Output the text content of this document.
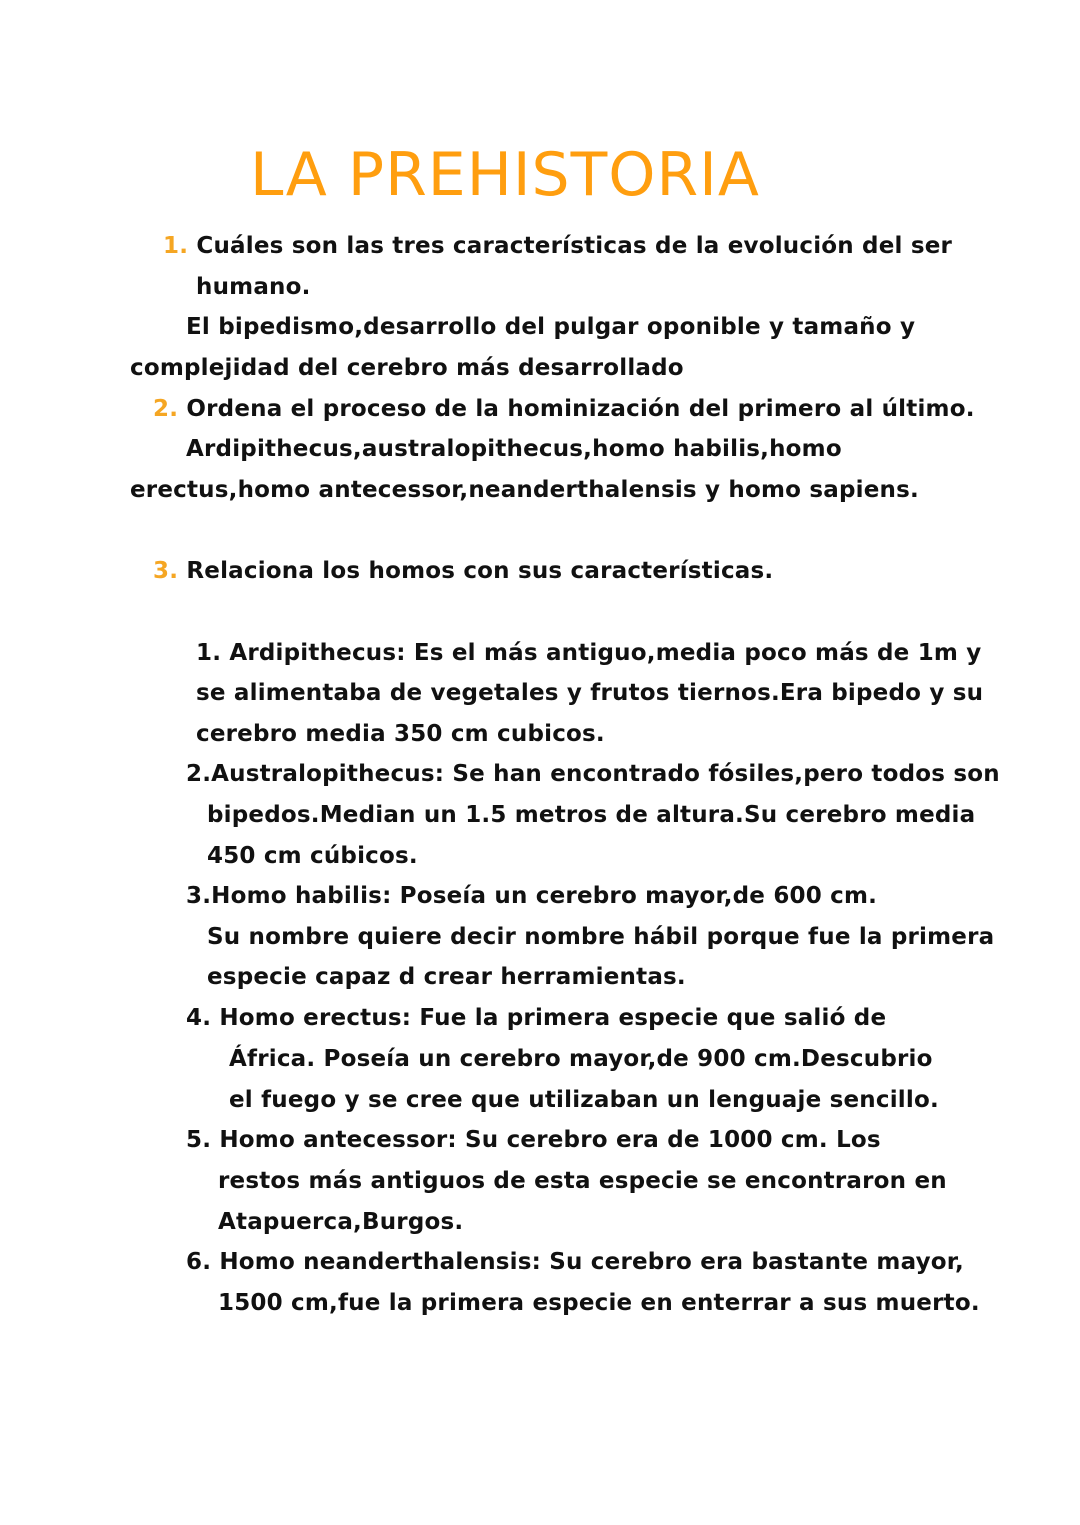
LA PREHISTORIA
1. Cuáles son las tres características de la evolución del ser
humano.
El bipedismo,desarrollo del pulgar oponible y tamaño y
complejidad del cerebro más desarrollado
2. Ordena el proceso de la hominización del primero al último.
Ardipithecus,australopithecus,homo habilis,homo
erectus,homo antecessor,neanderthalensis y homo sapiens.
3. Relaciona los homos con sus características.
1. Ardipithecus: Es el más antiguo,media poco más de 1m y
se alimentaba de vegetales y frutos tiernos.Era bipedo y su
cerebro media 350 cm cubicos.
2.Australopithecus: Se han encontrado fósiles,pero todos son
bipedos.Median un 1.5 metros de altura.Su cerebro media
450 cm cúbicos.
3.Homo habilis: Poseía un cerebro mayor,de 600 cm.
Su nombre quiere decir nombre hábil porque fue la primera
especie capaz d crear herramientas.
4. Homo erectus: Fue la primera especie que salió de
África. Poseía un cerebro mayor,de 900 cm.Descubrio
el fuego y se cree que utilizaban un lenguaje sencillo.
5. Homo antecessor: Su cerebro era de 1000 cm. Los
restos más antiguos de esta especie se encontraron en
Atapuerca,Burgos.
6. Homo neanderthalensis: Su cerebro era bastante mayor,
1500 cm,fue la primera especie en enterrar a sus muerto.
